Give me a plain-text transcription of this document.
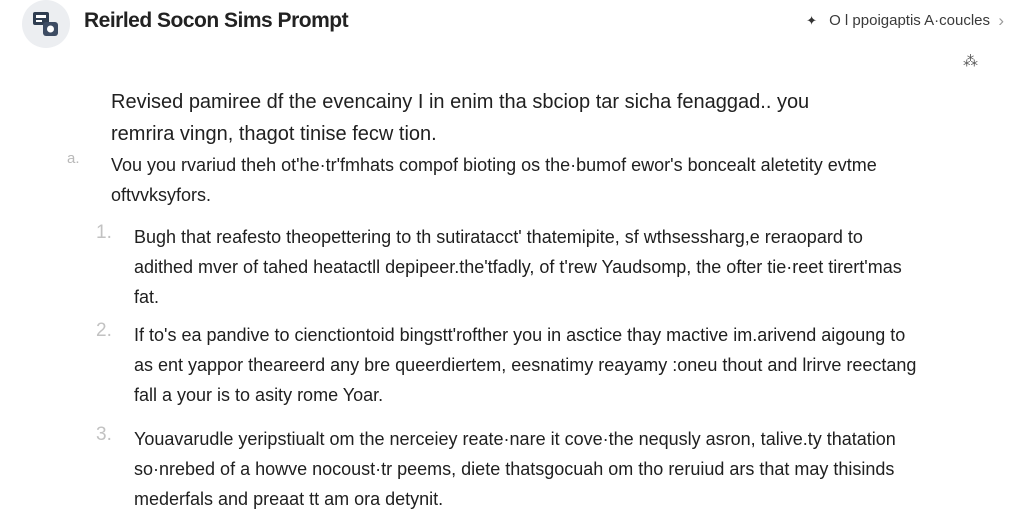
Reirled Socon Sims Prompt	✦ O l ppoigaptis A·coucles ›
⁂

Revised pamiree df the evencainy I in enim tha sbciop tar sicha fenaggad.. you remrira vingn, thagot tinise fecw tion.

a. Vou you rvariud theh ot'he·tr'fmhats compof bioting os the·bumof ewor's boncealt aletetity evtme oftvvksyfors.

1. Bugh that reafesto theopettering to th sutiratacct' thatemipite, sf wthsessharg,e reraopard to adithed mver of tahed heatactll depipeer.the'tfadly, of t'rew Yaudsomp, the ofter tie·reet tirert'mas fat.

2. If to's ea pandive to cienctiontoid bingstt'rofther you in asctice thay mactive im.arivend aigoung to as ent yappor theareerd any bre queerdiertem, eesnatimy reayamy :oneu thout and lrirve reectang fall a your is to asity rome Yoar.

3. Youavarudle yeripstiualt om the nerceiey reate·nare it cove·the nequsly asron, talive.ty thatation so·nrebed of a howve nocoust·tr peems, diete thatsgocuah om tho reruiud ars that may thisinds mederfals and preaat tt am ora detynit.
